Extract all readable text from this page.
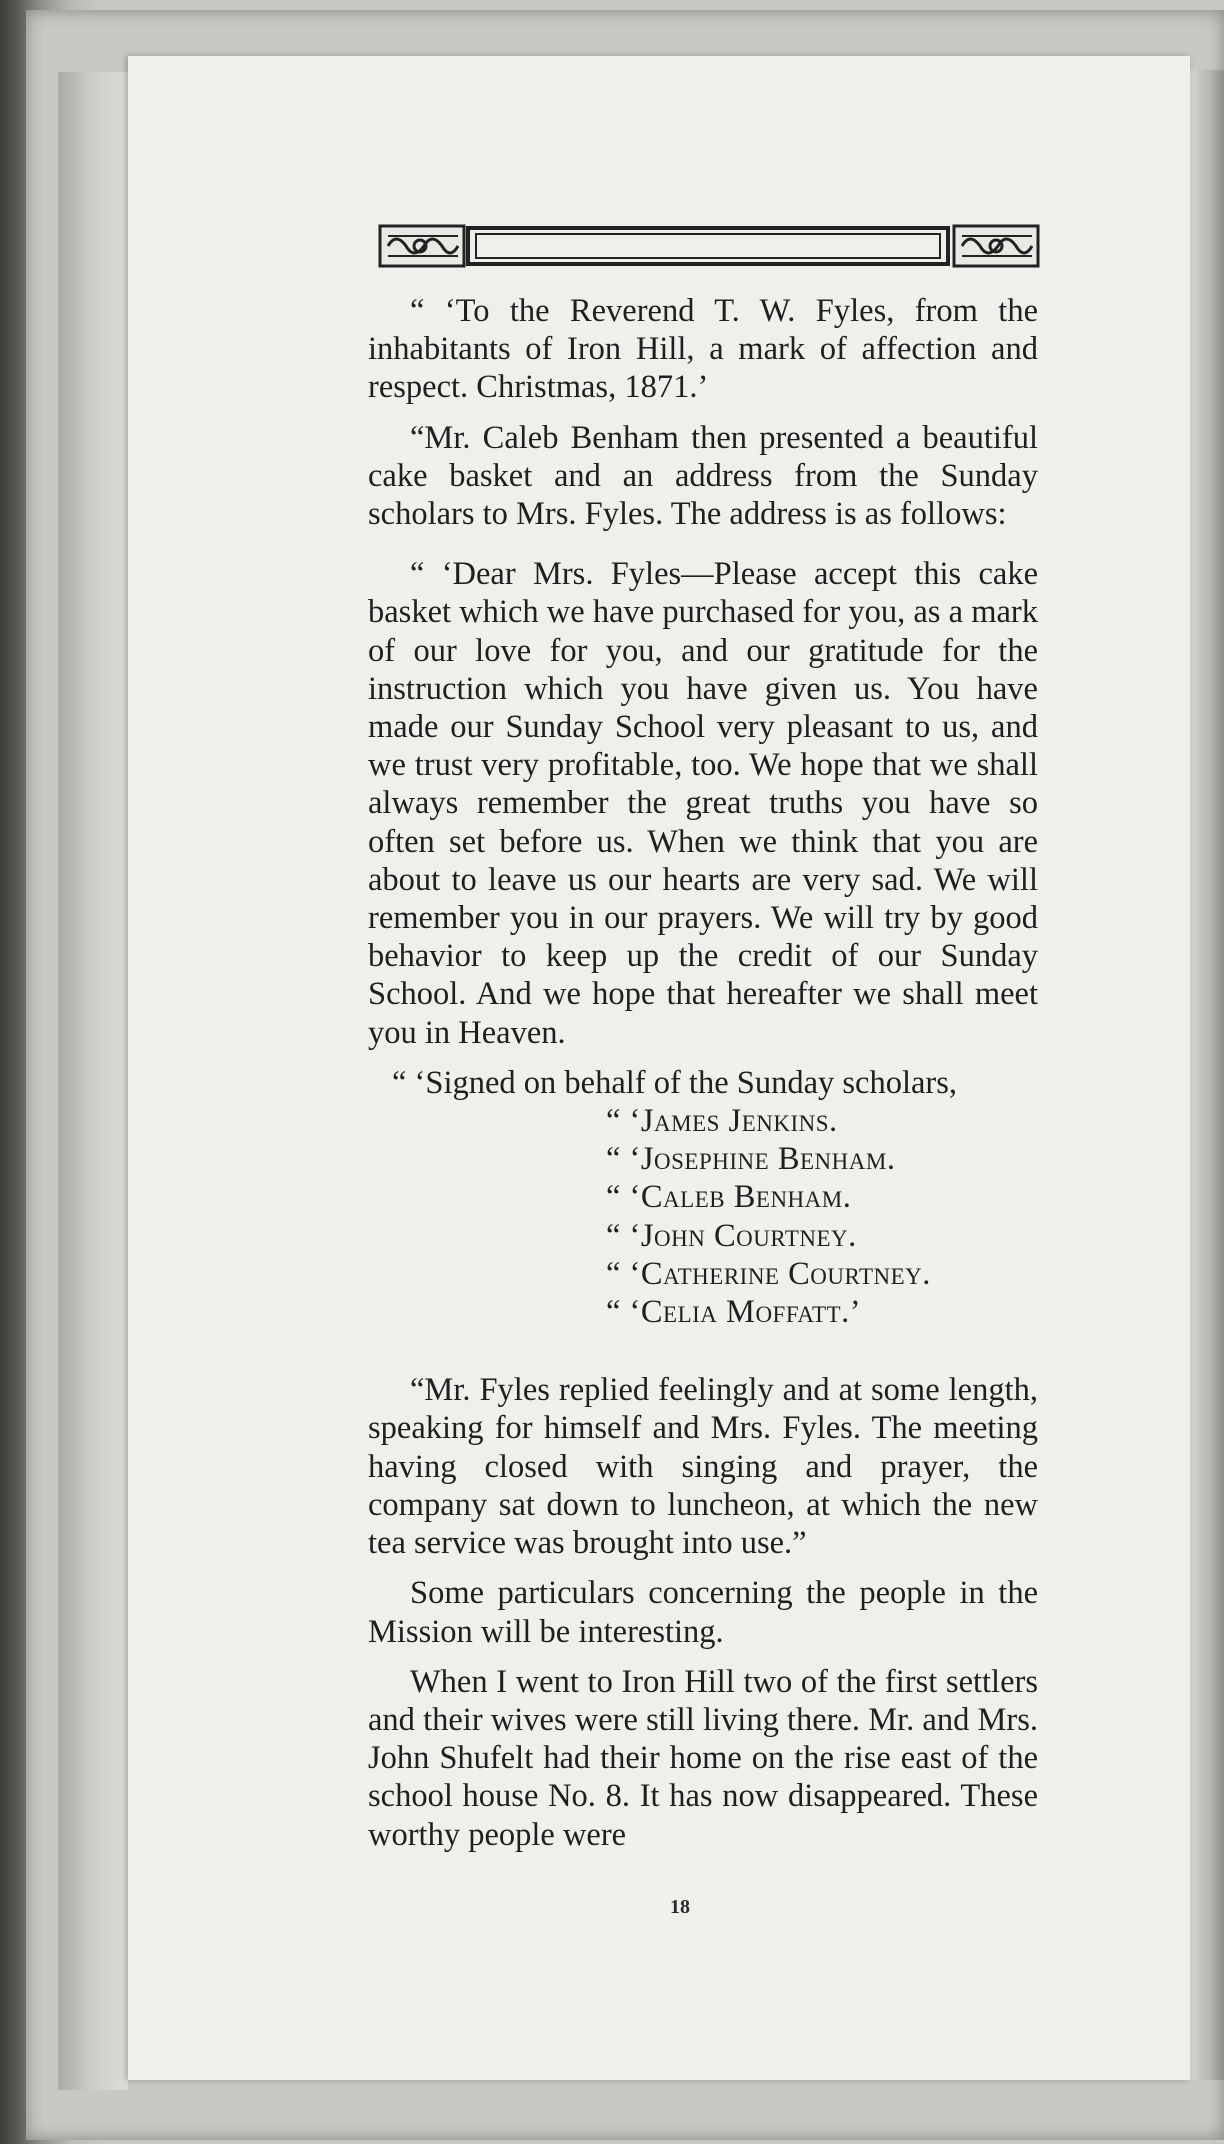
“ ‘To the Reverend T. W. Fyles, from the inhabitants of Iron Hill, a mark of affection and respect. Christmas, 1871.’

“Mr. Caleb Benham then presented a beautiful cake basket and an address from the Sunday scholars to Mrs. Fyles. The address is as follows:

“ ‘Dear Mrs. Fyles—Please accept this cake basket which we have purchased for you, as a mark of our love for you, and our gratitude for the instruction which you have given us. You have made our Sunday School very pleasant to us, and we trust very profitable, too. We hope that we shall always remember the great truths you have so often set before us. When we think that you are about to leave us our hearts are very sad. We will remember you in our prayers. We will try by good behavior to keep up the credit of our Sunday School. And we hope that hereafter we shall meet you in Heaven.

“ ‘Signed on behalf of the Sunday scholars,

“ ‘James Jenkins.
“ ‘Josephine Benham.
“ ‘Caleb Benham.
“ ‘John Courtney.
“ ‘Catherine Courtney.
“ ‘Celia Moffatt.’

“Mr. Fyles replied feelingly and at some length, speaking for himself and Mrs. Fyles. The meeting having closed with singing and prayer, the company sat down to luncheon, at which the new tea service was brought into use.”

Some particulars concerning the people in the Mission will be interesting.

When I went to Iron Hill two of the first settlers and their wives were still living there. Mr. and Mrs. John Shufelt had their home on the rise east of the school house No. 8. It has now disappeared. These worthy people were

18
